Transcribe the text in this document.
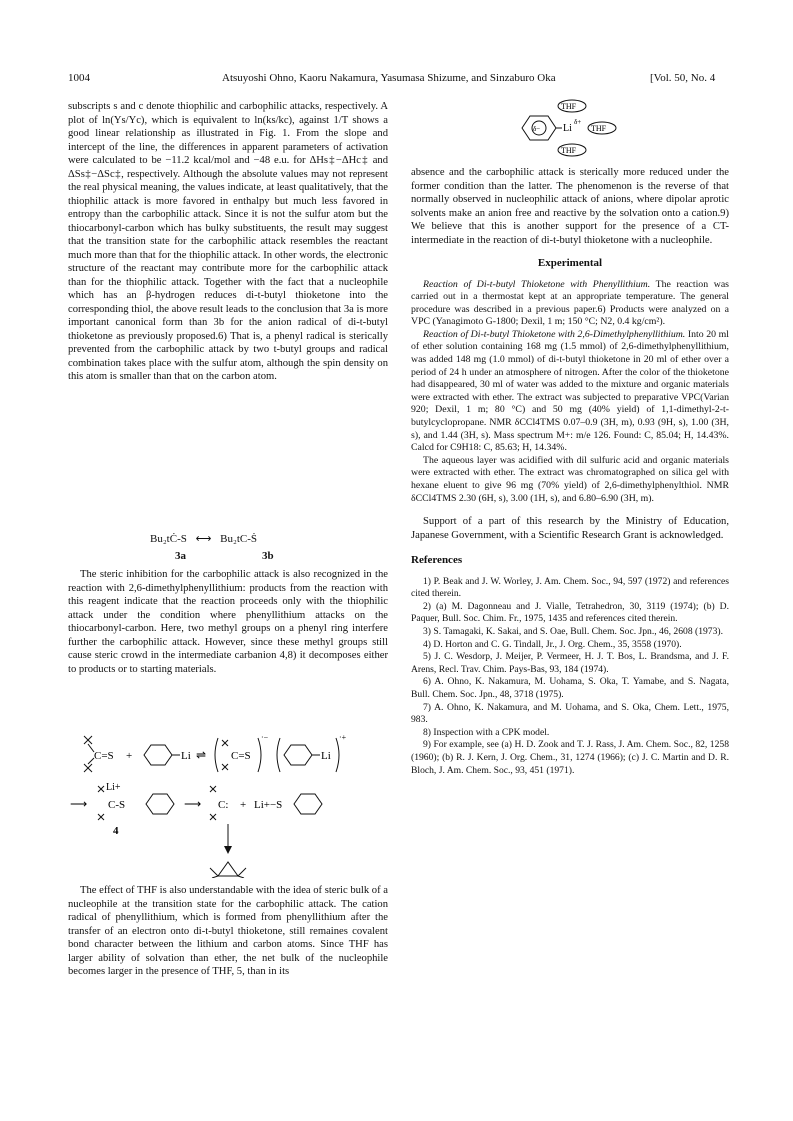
1004	Atsuyoshi Ohno, Kaoru Nakamura, Yasumasa Shizume, and Sinzaburo Oka	[Vol. 50, No. 4

subscripts s and c denote thiophilic and carbophilic attacks, respectively. A plot of ln(Ys/Yc), which is equivalent to ln(ks/kc), against 1/T shows a good linear relationship as illustrated in Fig. 1. From the slope and intercept of the line, the differences in apparent parameters of activation were calculated to be −11.2 kcal/mol and −48 e.u. for ΔHs‡−ΔHc‡ and ΔSs‡−ΔSc‡, respectively. Although the absolute values may not represent the real physical meaning, the values indicate, at least qualitatively, that the thiophilic attack is more favored in enthalpy but much less favored in entropy than the carbophilic attack. Since it is not the sulfur atom but the thiocarbonyl-carbon which has bulky substituents, the result may suggest that the transition state for the carbophilic attack resembles the reactant much more than that for the thiophilic attack. In other words, the electronic structure of the reactant may contribute more for the carbophilic attack than for the thiophilic attack. Together with the fact that a nucleophile which has an β-hydrogen reduces di-t-butyl thioketone into the corresponding thiol, the above result leads to the conclusion that 3a is more important canonical form than 3b for the anion radical of di-t-butyl thioketone as previously proposed.6) That is, a phenyl radical is sterically prevented from the carbophilic attack by two t-butyl groups and radical combination takes place with the sulfur atom, although the spin density on this atom is smaller than that on the carbon atom.

Bu₂tĊ-S ⟷ Bu₂tC-Ṡ
3a	3b

The steric inhibition for the carbophilic attack is also recognized in the reaction with 2,6-dimethylphenyllithium: products from the reaction with this reagent indicate that the reaction proceeds only with the thiophilic attack under the condition where phenyllithium attacks on the thiocarbonyl-carbon. Here, two methyl groups on a phenyl ring interfere further the carbophilic attack. However, since these methyl groups still cause steric crowd in the intermediate carbanion 4,8) it decomposes either to products or to starting materials.

C=S +	Li ⇌ C=S
·−
Li
·+
⟶
Li+
C-S
4
⟶ C: + Li+−S

The effect of THF is also understandable with the idea of steric bulk of a nucleophile at the transition state for the carbophilic attack. The cation radical of phenyllithium, which is formed from phenyllithium after the transfer of an electron onto di-t-butyl thioketone, still remaines covalent bond character between the lithium and carbon atoms. Since THF has larger ability of solvation than ether, the net bulk of the nucleophile becomes larger in the presence of THF, 5, than in its

δ− Li
δ+
THF
THF
THF

absence and the carbophilic attack is sterically more reduced under the former condition than the latter. The phenomenon is the reverse of that normally observed in nucleophilic attack of anions, where dipolar aprotic solvents make an anion free and reactive by the solvation onto a cation.9) We believe that this is another support for the presence of a CT-intermediate in the reaction of di-t-butyl thioketone with a nucleophile.

Experimental

Reaction of Di-t-butyl Thioketone with Phenyllithium. The reaction was carried out in a thermostat kept at an appropriate temperature. The general procedure was described in a previous paper.6) Products were analyzed on a VPC (Yanagimoto G-1800; Dexil, 1 m; 150 °C; N2, 0.4 kg/cm²).

Reaction of Di-t-butyl Thioketone with 2,6-Dimethylphenyllithium. Into 20 ml of ether solution containing 168 mg (1.5 mmol) of 2,6-dimethylphenyllithium, was added 148 mg (1.0 mmol) of di-t-butyl thioketone in 20 ml of ether over a period of 24 h under an atmosphere of nitrogen. After the color of the thioketone had disappeared, 30 ml of water was added to the mixture and organic materials were extracted with ether. The extract was subjected to preparative VPC(Varian 920; Dexil, 1 m; 80 °C) and 50 mg (40% yield) of 1,1-dimethyl-2-t-butylcyclopropane. NMR δCCl4TMS 0.07–0.9 (3H, m), 0.93 (9H, s), 1.00 (3H, s), and 1.44 (3H, s). Mass spectrum M+: m/e 126. Found: C, 85.04; H, 14.43%. Calcd for C9H18: C, 85.63; H, 14.34%.

The aqueous layer was acidified with dil sulfuric acid and organic materials were extracted with ether. The extract was chromatographed on silica gel with hexane eluent to give 96 mg (70% yield) of 2,6-dimethylphenylthiol. NMR δCCl4TMS 2.30 (6H, s), 3.00 (1H, s), and 6.80–6.90 (3H, m).

Support of a part of this research by the Ministry of Education, Japanese Government, with a Scientific Research Grant is acknowledged.

References

1) P. Beak and J. W. Worley, J. Am. Chem. Soc., 94, 597 (1972) and references cited therein.

2) (a) M. Dagonneau and J. Vialle, Tetrahedron, 30, 3119 (1974); (b) D. Paquer, Bull. Soc. Chim. Fr., 1975, 1435 and references cited therein.

3) S. Tamagaki, K. Sakai, and S. Oae, Bull. Chem. Soc. Jpn., 46, 2608 (1973).

4) D. Horton and C. G. Tindall, Jr., J. Org. Chem., 35, 3558 (1970).

5) J. C. Wesdorp, J. Meijer, P. Vermeer, H. J. T. Bos, L. Brandsma, and J. F. Arens, Recl. Trav. Chim. Pays-Bas, 93, 184 (1974).

6) A. Ohno, K. Nakamura, M. Uohama, S. Oka, T. Yamabe, and S. Nagata, Bull. Chem. Soc. Jpn., 48, 3718 (1975).

7) A. Ohno, K. Nakamura, and M. Uohama, and S. Oka, Chem. Lett., 1975, 983.

8) Inspection with a CPK model.

9) For example, see (a) H. D. Zook and T. J. Rass, J. Am. Chem. Soc., 82, 1258 (1960); (b) R. J. Kern, J. Org. Chem., 31, 1274 (1966); (c) J. C. Martin and D. R. Bloch, J. Am. Chem. Soc., 93, 451 (1971).
